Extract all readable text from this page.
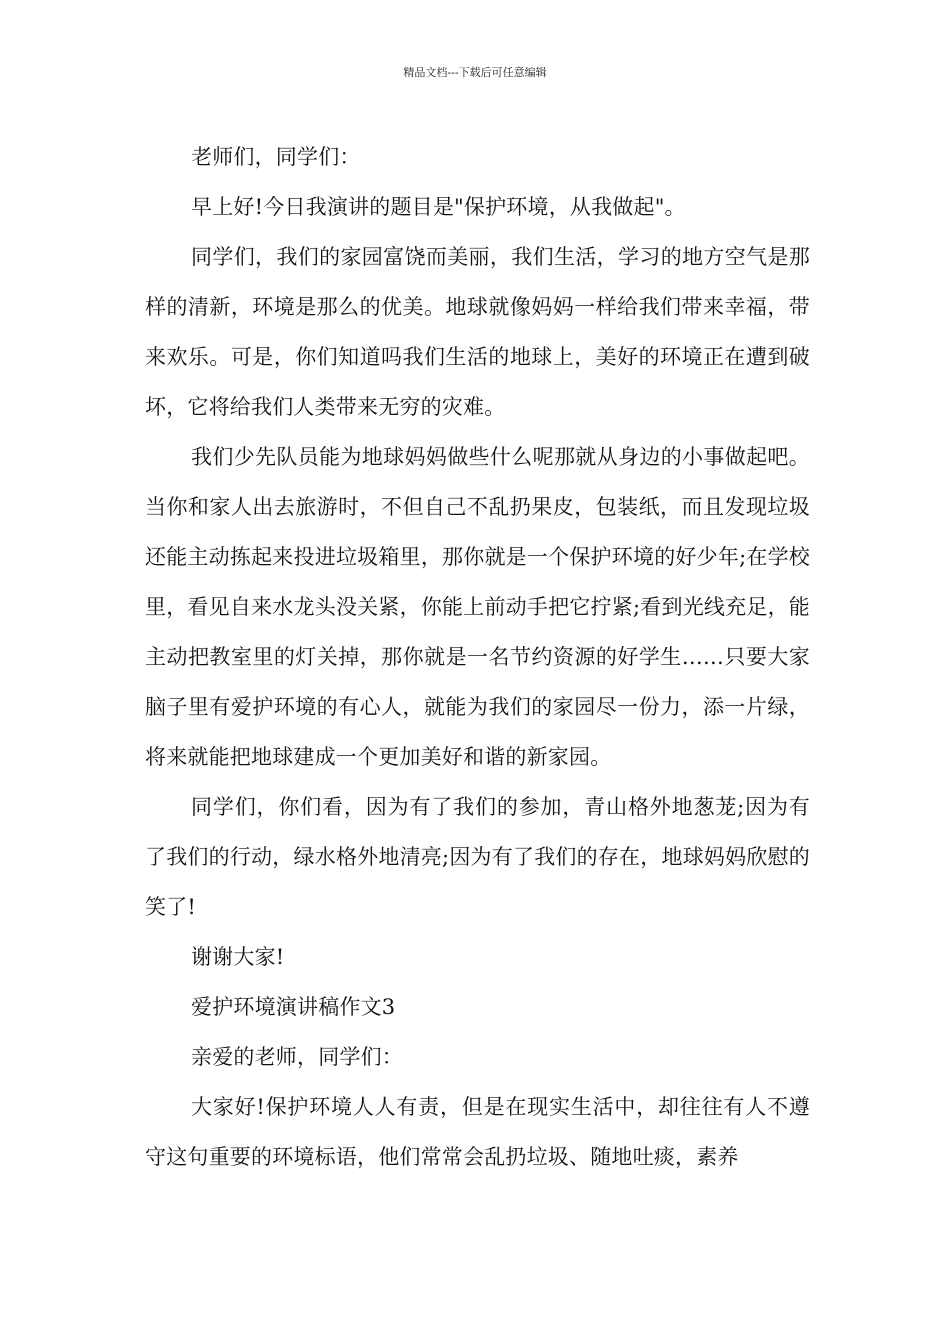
精品文档---下载后可任意编辑

老师们，同学们：

早上好!今日我演讲的题目是"保护环境，从我做起"。

同学们，我们的家园富饶而美丽，我们生活，学习的地方空气是那样的清新，环境是那么的优美。地球就像妈妈一样给我们带来幸福，带来欢乐。可是，你们知道吗我们生活的地球上，美好的环境正在遭到破坏，它将给我们人类带来无穷的灾难。

我们少先队员能为地球妈妈做些什么呢那就从身边的小事做起吧。当你和家人出去旅游时，不但自己不乱扔果皮，包装纸，而且发现垃圾还能主动拣起来投进垃圾箱里，那你就是一个保护环境的好少年;在学校里，看见自来水龙头没关紧，你能上前动手把它拧紧;看到光线充足，能主动把教室里的灯关掉，那你就是一名节约资源的好学生……只要大家脑子里有爱护环境的有心人，就能为我们的家园尽一份力，添一片绿，将来就能把地球建成一个更加美好和谐的新家园。

同学们，你们看，因为有了我们的参加，青山格外地葱茏;因为有了我们的行动，绿水格外地清亮;因为有了我们的存在，地球妈妈欣慰的笑了!

谢谢大家!

爱护环境演讲稿作文3

亲爱的老师，同学们：

大家好!保护环境人人有责，但是在现实生活中，却往往有人不遵守这句重要的环境标语，他们常常会乱扔垃圾、随地吐痰，素养
